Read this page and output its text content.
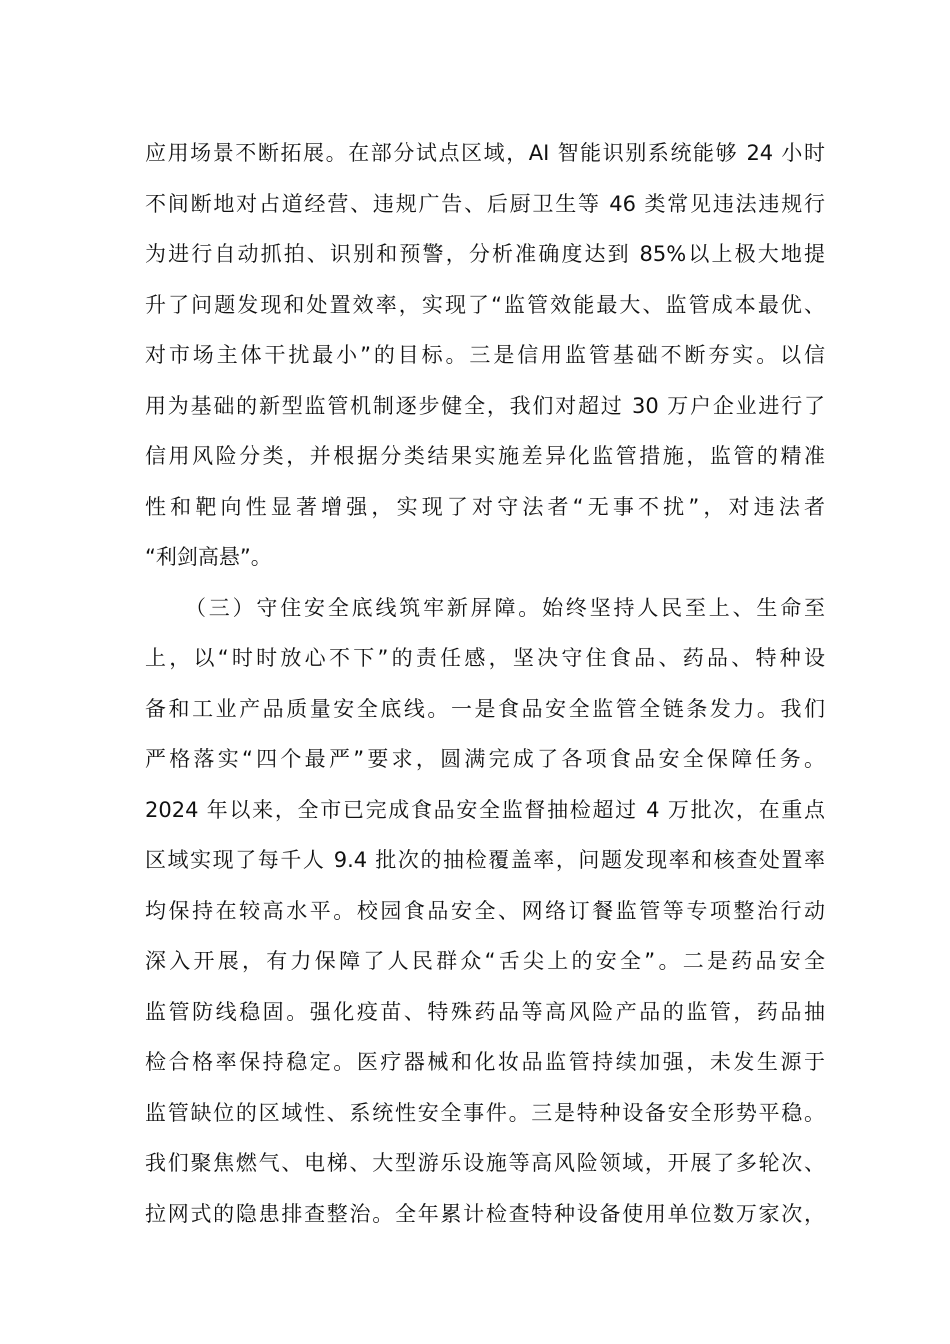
应用场景不断拓展。在部分试点区域，AI 智能识别系统能够 24 小时
不间断地对占道经营、违规广告、后厨卫生等 46 类常见违法违规行
为进行自动抓拍、识别和预警，分析准确度达到 85%以上极大地提
升了问题发现和处置效率，实现了“监管效能最大、监管成本最优、
对市场主体干扰最小”的目标。三是信用监管基础不断夯实。以信
用为基础的新型监管机制逐步健全，我们对超过 30 万户企业进行了
信用风险分类，并根据分类结果实施差异化监管措施，监管的精准
性和靶向性显著增强，实现了对守法者“无事不扰”，对违法者
“利剑高悬”。
（三）守住安全底线筑牢新屏障。始终坚持人民至上、生命至
上，以“时时放心不下”的责任感，坚决守住食品、药品、特种设
备和工业产品质量安全底线。一是食品安全监管全链条发力。我们
严格落实“四个最严”要求，圆满完成了各项食品安全保障任务。
2024 年以来，全市已完成食品安全监督抽检超过 4 万批次，在重点
区域实现了每千人 9.4 批次的抽检覆盖率，问题发现率和核查处置率
均保持在较高水平。校园食品安全、网络订餐监管等专项整治行动
深入开展，有力保障了人民群众“舌尖上的安全”。二是药品安全
监管防线稳固。强化疫苗、特殊药品等高风险产品的监管，药品抽
检合格率保持稳定。医疗器械和化妆品监管持续加强，未发生源于
监管缺位的区域性、系统性安全事件。三是特种设备安全形势平稳。
我们聚焦燃气、电梯、大型游乐设施等高风险领域，开展了多轮次、
拉网式的隐患排查整治。全年累计检查特种设备使用单位数万家次，
